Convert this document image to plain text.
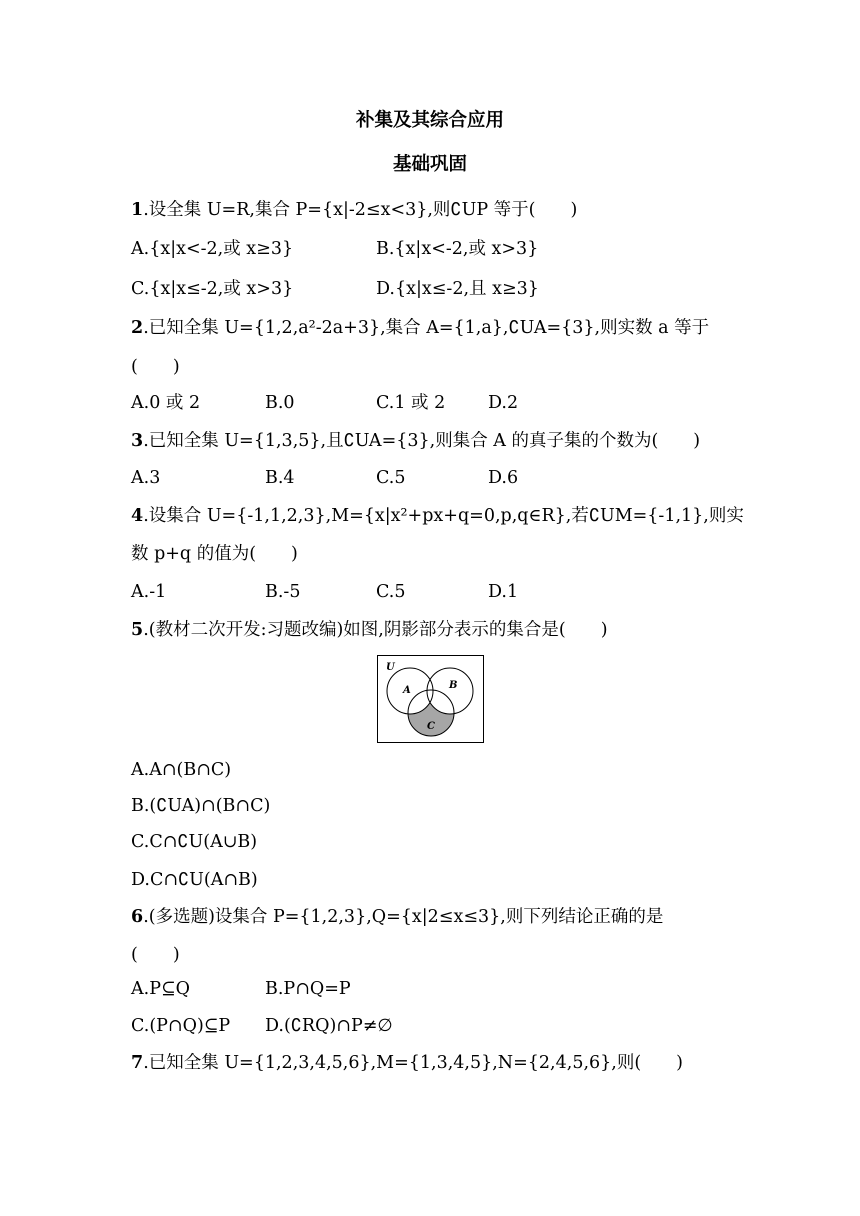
补集及其综合应用
基础巩固
1.设全集 U=R,集合 P={x|-2≤x<3},则∁UP 等于(　　)
A.{x|x<-2,或 x≥3}	B.{x|x<-2,或 x>3}
C.{x|x≤-2,或 x>3}	D.{x|x≤-2,且 x≥3}
2.已知全集 U={1,2,a²-2a+3},集合 A={1,a},∁UA={3},则实数 a 等于
(　　)
A.0 或 2	B.0	C.1 或 2 D.2
3.已知全集 U={1,3,5},且∁UA={3},则集合 A 的真子集的个数为(　　)
A.3	B.4	C.5	D.6
4.设集合 U={-1,1,2,3},M={x|x²+px+q=0,p,q∈R},若∁UM={-1,1},则实
数 p+q 的值为(　　)
A.-1	B.-5	C.5	D.1
5.(教材二次开发:习题改编)如图,阴影部分表示的集合是(　　)
U
A	B
C
A.A∩(B∩C)
B.(∁UA)∩(B∩C)
C.C∩∁U(A∪B)
D.C∩∁U(A∩B)
6.(多选题)设集合 P={1,2,3},Q={x|2≤x≤3},则下列结论正确的是
(　　)
A.P⊆Q	B.P∩Q=P
C.(P∩Q)⊆P D.(∁RQ)∩P≠∅
7.已知全集 U={1,2,3,4,5,6},M={1,3,4,5},N={2,4,5,6},则(　　)
